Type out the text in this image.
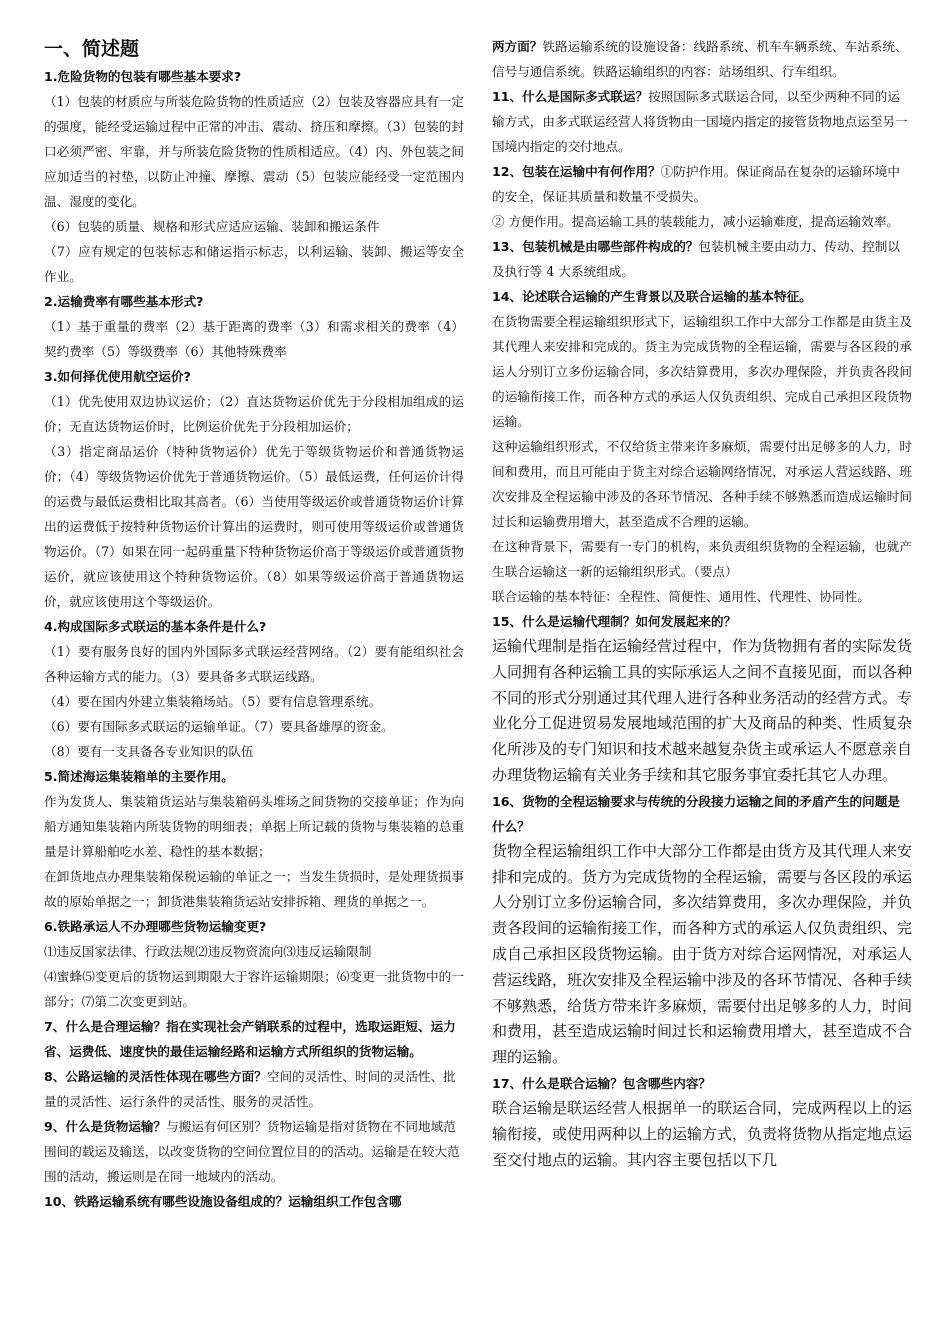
一、简述题

1.危险货物的包装有哪些基本要求?

（1）包装的材质应与所装危险货物的性质适应（2）包装及容器应具有一定的强度，能经受运输过程中正常的冲击、震动、挤压和摩擦。（3）包装的封口必须严密、牢靠，并与所装危险货物的性质相适应。（4）内、外包装之间应加适当的衬垫，以防止冲撞、摩擦、震动（5）包装应能经受一定范围内温、湿度的变化。

（6）包装的质量、规格和形式应适应运输、装卸和搬运条件

（7）应有规定的包装标志和储运指示标志，以利运输、装卸、搬运等安全作业。

2.运输费率有哪些基本形式?

（1）基于重量的费率（2）基于距离的费率（3）和需求相关的费率（4）契约费率（5）等级费率（6）其他特殊费率

3.如何择优使用航空运价?

（1）优先使用双边协议运价；（2）直达货物运价优先于分段相加组成的运价；无直达货物运价时，比例运价优先于分段相加运价；

（3）指定商品运价（特种货物运价）优先于等级货物运价和普通货物运价；（4）等级货物运价优先于普通货物运价。（5）最低运费，任何运价计得的运费与最低运费相比取其高者。（6）当使用等级运价或普通货物运价计算出的运费低于按特种货物运价计算出的运费时，则可使用等级运价或普通货物运价。（7）如果在同一起码重量下特种货物运价高于等级运价或普通货物运价，就应该使用这个特种货物运价。（8）如果等级运价高于普通货物运价，就应该使用这个等级运价。

4.构成国际多式联运的基本条件是什么?

（1）要有服务良好的国内外国际多式联运经营网络。（2）要有能组织社会各种运输方式的能力。（3）要具备多式联运线路。

（4）要在国内外建立集装箱场站。（5）要有信息管理系统。

（6）要有国际多式联运的运输单证。（7）要具备雄厚的资金。

（8）要有一支具备各专业知识的队伍

5.简述海运集装箱单的主要作用。

作为发货人、集装箱货运站与集装箱码头堆场之间货物的交接单证；作为向船方通知集装箱内所装货物的明细表；单据上所记载的货物与集装箱的总重量是计算船舶吃水差、稳性的基本数据；

在卸货地点办理集装箱保税运输的单证之一；当发生货损时，是处理货损事故的原始单据之一；卸货港集装箱货运站安排拆箱、理货的单据之一。

6.铁路承运人不办理哪些货物运输变更?

⑴违反国家法律、行政法规⑵违反物资流向⑶违反运输限制

⑷蜜蜂⑸变更后的货物运到期限大于容许运输期限；⑹变更一批货物中的一部分；⑺第二次变更到站。

7、什么是合理运输？指在实现社会产销联系的过程中，选取运距短、运力省、运费低、速度快的最佳运输经路和运输方式所组织的货物运输。

8、公路运输的灵活性体现在哪些方面？空间的灵活性、时间的灵活性、批量的灵活性、运行条件的灵活性、服务的灵活性。

9、什么是货物运输？与搬运有何区别？货物运输是指对货物在不同地域范围间的载运及输送，以改变货物的空间位置位目的的活动。运输是在较大范围的活动，搬运则是在同一地域内的活动。

10、铁路运输系统有哪些设施设备组成的？运输组织工作包含哪

两方面？铁路运输系统的设施设备：线路系统、机车车辆系统、车站系统、信号与通信系统。铁路运输组织的内容：站场组织、行车组织。

11、什么是国际多式联运？按照国际多式联运合同，以至少两种不同的运输方式，由多式联运经营人将货物由一国境内指定的接管货物地点运至另一国境内指定的交付地点。

12、包装在运输中有何作用？①防护作用。保证商品在复杂的运输环境中的安全，保证其质量和数量不受损失。

② 方便作用。提高运输工具的装载能力，减小运输难度，提高运输效率。

13、包装机械是由哪些部件构成的？包装机械主要由动力、传动、控制以及执行等 4 大系统组成。

14、论述联合运输的产生背景以及联合运输的基本特征。

在货物需要全程运输组织形式下，运输组织工作中大部分工作都是由货主及其代理人来安排和完成的。货主为完成货物的全程运输，需要与各区段的承运人分别订立多份运输合同，多次结算费用，多次办理保险，并负责各段间的运输衔接工作，而各种方式的承运人仅负责组织、完成自己承担区段货物运输。

这种运输组织形式，不仅给货主带来许多麻烦，需要付出足够多的人力，时间和费用，而且可能由于货主对综合运输网络情况，对承运人营运线路、班次安排及全程运输中涉及的各环节情况、各种手续不够熟悉而造成运输时间过长和运输费用增大，甚至造成不合理的运输。

在这种背景下，需要有一专门的机构，来负责组织货物的全程运输，也就产生联合运输这一新的运输组织形式。（要点）

联合运输的基本特征：全程性、简便性、通用性、代理性、协同性。

15、什么是运输代理制？如何发展起来的？

运输代理制是指在运输经营过程中，作为货物拥有者的实际发货人同拥有各种运输工具的实际承运人之间不直接见面，而以各种不同的形式分别通过其代理人进行各种业务活动的经营方式。专业化分工促进贸易发展地域范围的扩大及商品的种类、性质复杂化所涉及的专门知识和技术越来越复杂货主或承运人不愿意亲自办理货物运输有关业务手续和其它服务事宜委托其它人办理。

16、货物的全程运输要求与传统的分段接力运输之间的矛盾产生的问题是什么？

货物全程运输组织工作中大部分工作都是由货方及其代理人来安排和完成的。货方为完成货物的全程运输，需要与各区段的承运人分别订立多份运输合同，多次结算费用，多次办理保险，并负责各段间的运输衔接工作，而各种方式的承运人仅负责组织、完成自己承担区段货物运输。由于货方对综合运网情况，对承运人营运线路，班次安排及全程运输中涉及的各环节情况、各种手续不够熟悉，给货方带来许多麻烦，需要付出足够多的人力，时间和费用，甚至造成运输时间过长和运输费用增大，甚至造成不合理的运输。

17、什么是联合运输？包含哪些内容？

联合运输是联运经营人根据单一的联运合同，完成两程以上的运输衔接，或使用两种以上的运输方式，负责将货物从指定地点运至交付地点的运输。其内容主要包括以下几
